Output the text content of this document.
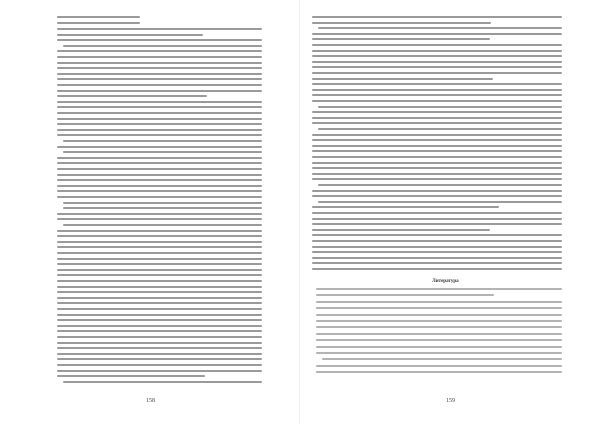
158
Литература
159
